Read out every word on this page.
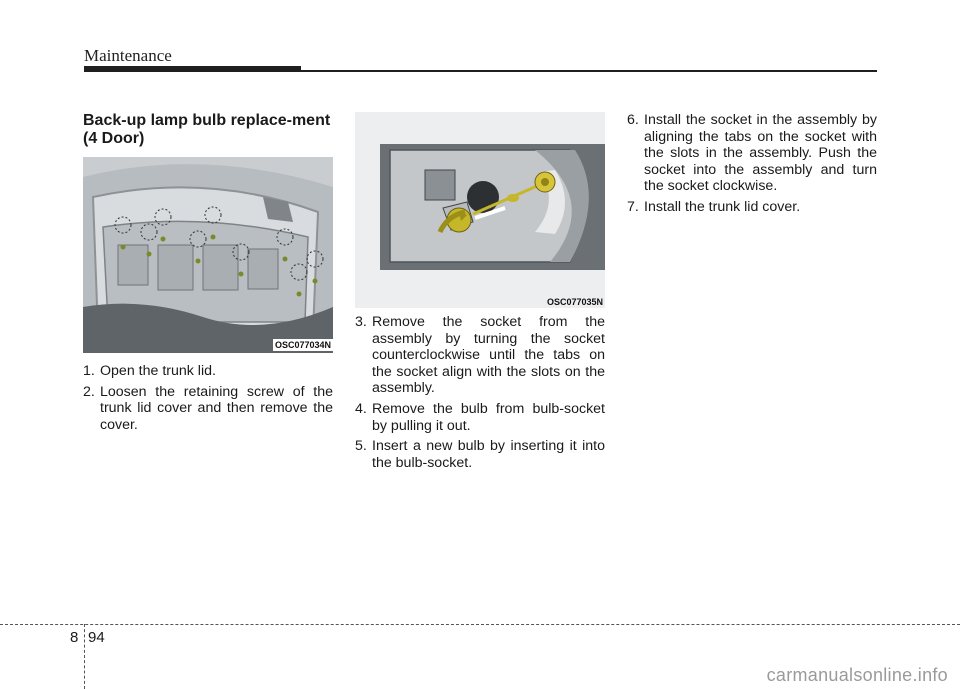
Maintenance
Back-up lamp bulb replace-ment (4 Door)
OSC077034N
1. Open the trunk lid.
2. Loosen the retaining screw of the trunk lid cover and then remove the cover.
OSC077035N
3. Remove the socket from the assembly by turning the socket counterclockwise until the tabs on the socket align with the slots on the assembly.
4. Remove the bulb from bulb-socket by pulling it out.
5. Insert a new bulb by inserting it into the bulb-socket.
6. Install the socket in the assembly by aligning the tabs on the socket with the slots in the assembly. Push the socket into the assembly and turn the socket clockwise.
7. Install the trunk lid cover.
8 94
carmanualsonline.info
